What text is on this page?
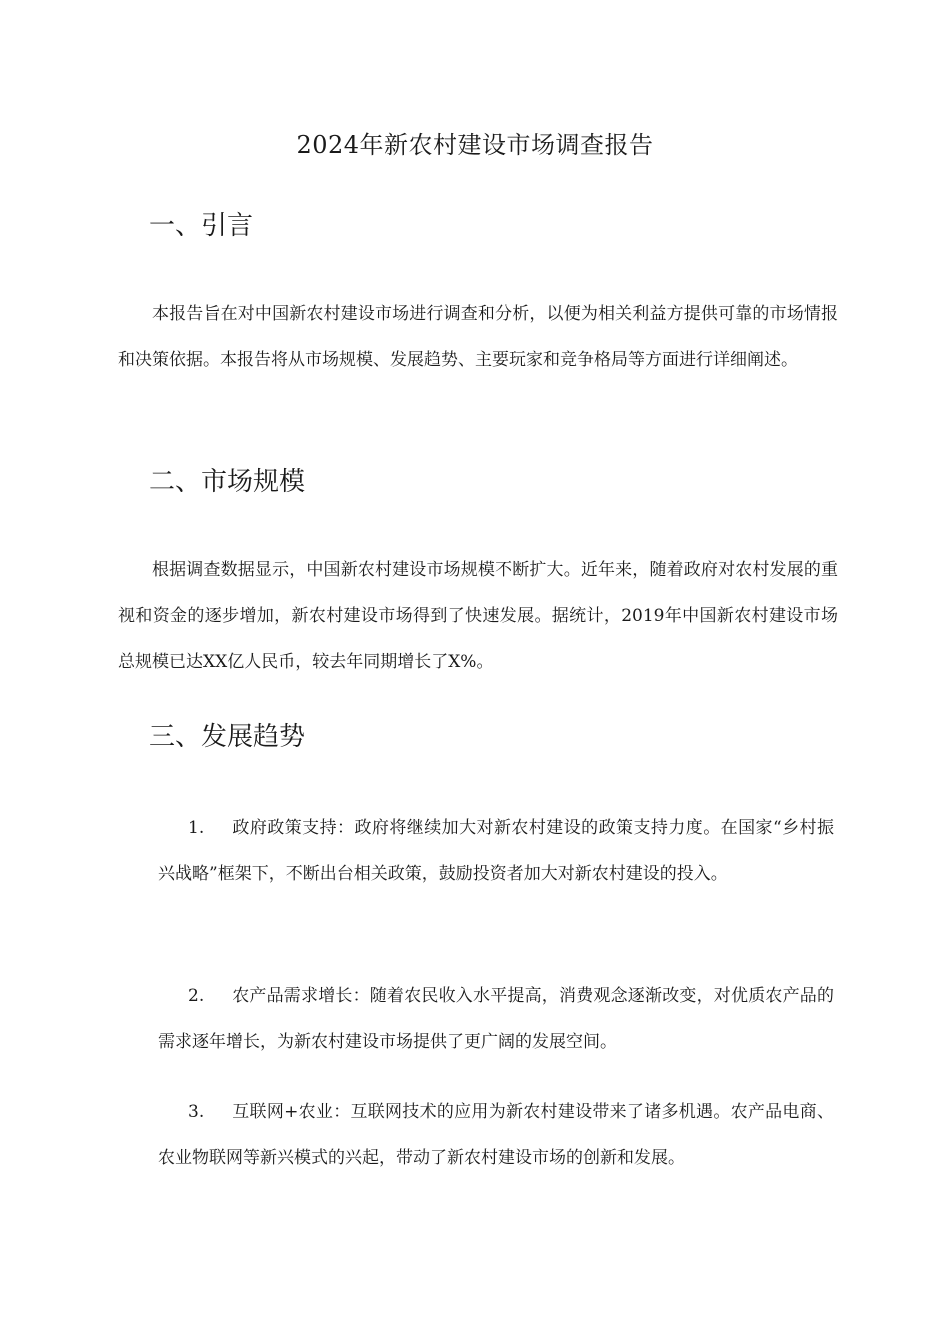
2024年新农村建设市场调查报告
一、引言
本报告旨在对中国新农村建设市场进行调查和分析，以便为相关利益方提供可靠的市场情报和决策依据。本报告将从市场规模、发展趋势、主要玩家和竞争格局等方面进行详细阐述。
二、市场规模
根据调查数据显示，中国新农村建设市场规模不断扩大。近年来，随着政府对农村发展的重视和资金的逐步增加，新农村建设市场得到了快速发展。据统计，2019年中国新农村建设市场总规模已达XX亿人民币，较去年同期增长了X%。
三、发展趋势
1. 政府政策支持：政府将继续加大对新农村建设的政策支持力度。在国家“乡村振兴战略”框架下，不断出台相关政策，鼓励投资者加大对新农村建设的投入。
2. 农产品需求增长：随着农民收入水平提高，消费观念逐渐改变，对优质农产品的需求逐年增长，为新农村建设市场提供了更广阔的发展空间。
3. 互联网+农业：互联网技术的应用为新农村建设带来了诸多机遇。农产品电商、农业物联网等新兴模式的兴起，带动了新农村建设市场的创新和发展。
